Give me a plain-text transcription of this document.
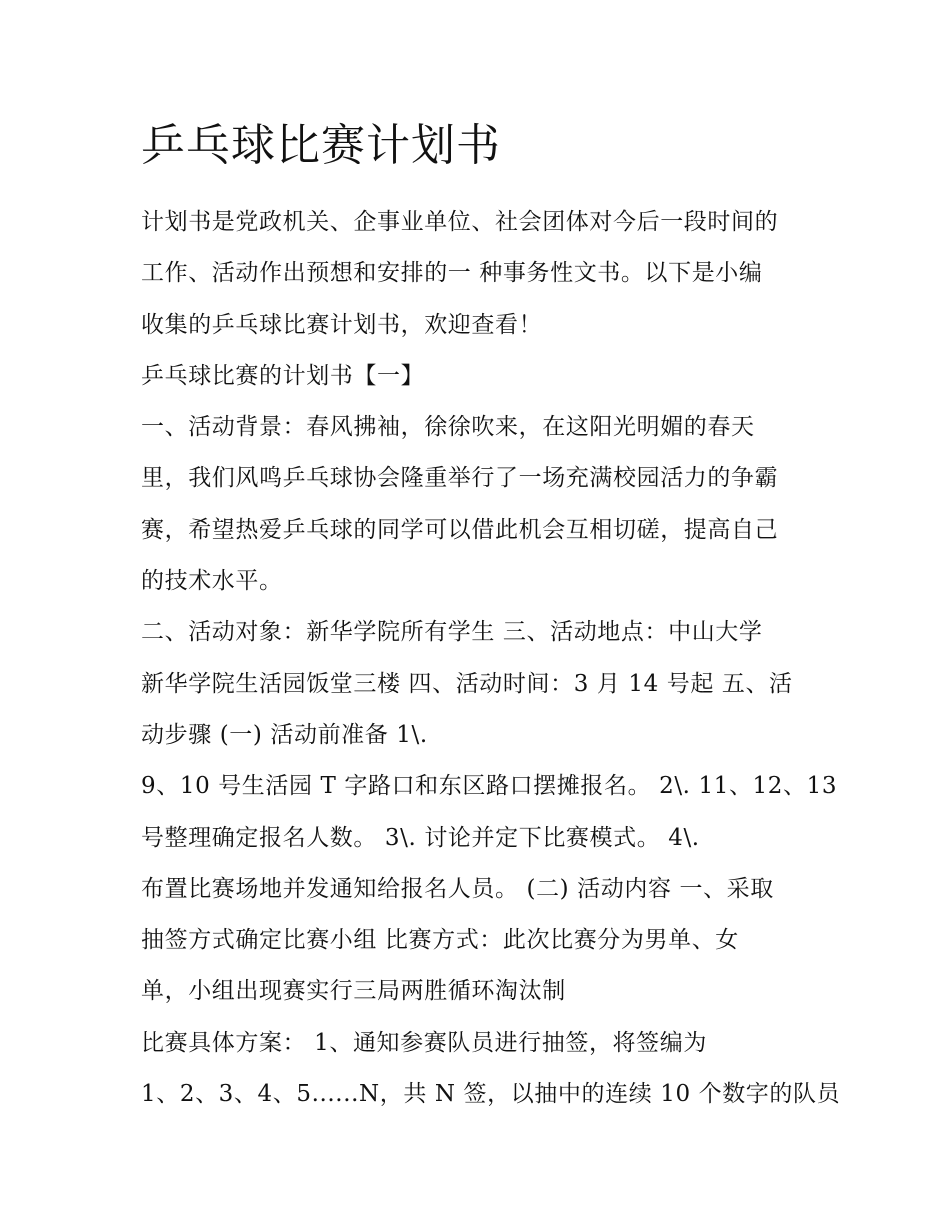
乒乓球比赛计划书
计划书是党政机关、企事业单位、社会团体对今后一段时间的
工作、活动作出预想和安排的一 种事务性文书。以下是小编
收集的乒乓球比赛计划书，欢迎查看！
乒乓球比赛的计划书【一】
一、活动背景：春风拂袖，徐徐吹来，在这阳光明媚的春天
里，我们风鸣乒乓球协会隆重举行了一场充满校园活力的争霸
赛，希望热爱乒乓球的同学可以借此机会互相切磋，提高自己
的技术水平。
二、活动对象：新华学院所有学生 三、活动地点：中山大学
新华学院生活园饭堂三楼 四、活动时间：3 月 14 号起 五、活
动步骤 (一) 活动前准备 1\.
9、10 号生活园 T 字路口和东区路口摆摊报名。 2\. 11、12、13
号整理确定报名人数。 3\. 讨论并定下比赛模式。 4\.
布置比赛场地并发通知给报名人员。 (二) 活动内容 一、采取
抽签方式确定比赛小组 比赛方式：此次比赛分为男单、女
单，小组出现赛实行三局两胜循环淘汰制
比赛具体方案： 1、通知参赛队员进行抽签，将签编为
1、2、3、4、5......N，共 N 签，以抽中的连续 10 个数字的队员
